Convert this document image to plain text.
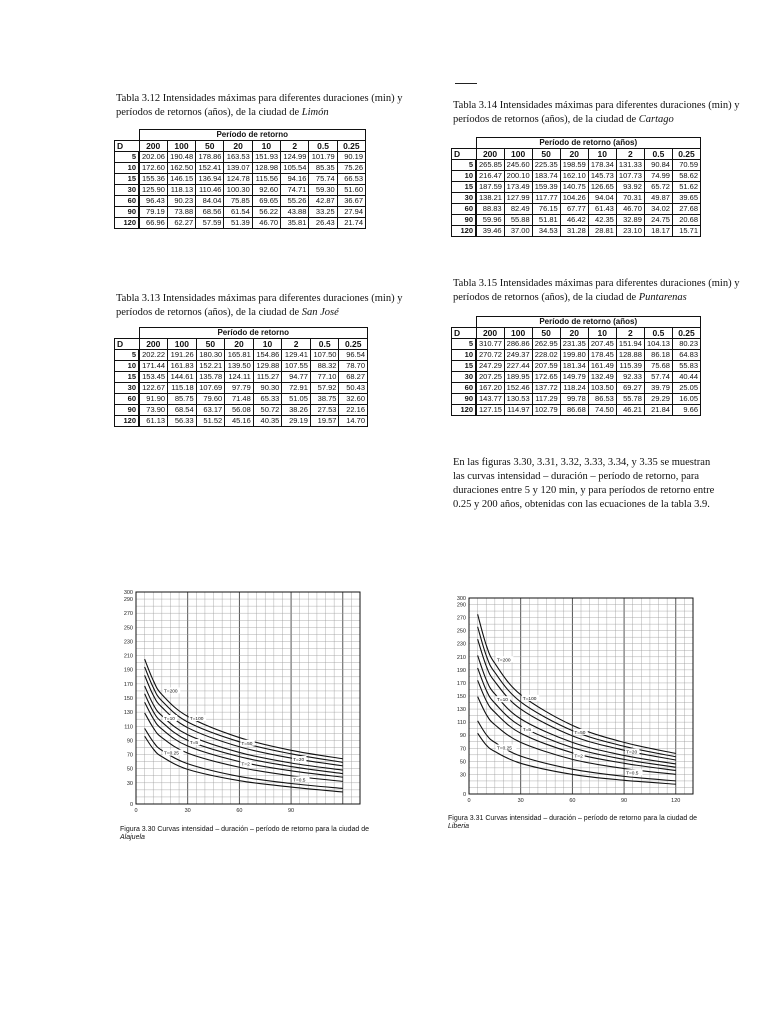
Tabla 3.12 Intensidades máximas para diferentes duraciones (min) y períodos de retornos (años), de la ciudad de Limón
	Período de retorno							
D	200	100	50	20	10	2	0.5	0.25
5	202.06	190.48	178.86	163.53	151.93	124.99	101.79	90.19
10	172.60	162.50	152.41	139.07	128.98	105.54	85.35	75.26
15	155.36	146.15	136.94	124.78	115.56	94.16	75.74	66.53
30	125.90	118.13	110.46	100.30	92.60	74.71	59.30	51.60
60	96.43	90.23	84.04	75.85	69.65	55.26	42.87	36.67
90	79.19	73.88	68.56	61.54	56.22	43.88	33.25	27.94
120	66.96	62.27	57.59	51.39	46.70	35.81	26.43	21.74
Tabla 3.13 Intensidades máximas para diferentes duraciones (min) y períodos de retornos (años), de la ciudad de San José
	Período de retorno							
D	200	100	50	20	10	2	0.5	0.25
5	202.22	191.26	180.30	165.81	154.86	129.41	107.50	96.54
10	171.44	161.83	152.21	139.50	129.88	107.55	88.32	78.70
15	153.45	144.61	135.78	124.11	115.27	94.77	77.10	68.27
30	122.67	115.18	107.69	97.79	90.30	72.91	57.92	50.43
60	91.90	85.75	79.60	71.48	65.33	51.05	38.75	32.60
90	73.90	68.54	63.17	56.08	50.72	38.26	27.53	22.16
120	61.13	56.33	51.52	45.16	40.35	29.19	19.57	14.70
Tabla 3.14 Intensidades máximas para diferentes duraciones (min) y períodos de retornos (años), de la ciudad de Cartago
	Período de retorno (años)							
D	200	100	50	20	10	2	0.5	0.25
5	265.85	245.60	225.35	198.59	178.34	131.33	90.84	70.59
10	216.47	200.10	183.74	162.10	145.73	107.73	74.99	58.62
15	187.59	173.49	159.39	140.75	126.65	93.92	65.72	51.62
30	138.21	127.99	117.77	104.26	94.04	70.31	49.87	39.65
60	88.83	82.49	76.15	67.77	61.43	46.70	34.02	27.68
90	59.96	55.88	51.81	46.42	42.35	32.89	24.75	20.68
120	39.46	37.00	34.53	31.28	28.81	23.10	18.17	15.71
Tabla 3.15 Intensidades máximas para diferentes duraciones (min) y períodos de retornos (años), de la ciudad de Puntarenas
	Período de retorno (años)							
D	200	100	50	20	10	2	0.5	0.25
5	310.77	286.86	262.95	231.35	207.45	151.94	104.13	80.23
10	270.72	249.37	228.02	199.80	178.45	128.88	86.18	64.83
15	247.29	227.44	207.59	181.34	161.49	115.39	75.68	55.83
30	207.25	189.95	172.65	149.79	132.49	92.33	57.74	40.44
60	167.20	152.46	137.72	118.24	103.50	69.27	39.79	25.05
90	143.77	130.53	117.29	99.78	86.53	55.78	29.29	16.05
120	127.15	114.97	102.79	86.68	74.50	46.21	21.84	9.66
En las figuras 3.30, 3.31, 3.32, 3.33, 3.34, y 3.35 se muestran las curvas intensidad – duración – período de retorno, para duraciones entre 5 y 120 min, y para períodos de retorno entre 0.25 y 200 años, obtenidas con las ecuaciones de la tabla 3.9.
0
30
50
70
90
110
130
150
170
190
210
230
250
270
290
300
0	30	60	90
T=200
T=100
T=50
T=20
T=10
T=5
T=2
T=0.5
T=0.25
Figura 3.30 Curvas intensidad – duración – período de retorno para la ciudad de Alajuela
0
30
50
70
90
110
130
150
170
190
210
230
250
270
290
300
0	30	60	90	120
T=200
T=100
T=50
T=20
T=10
T=5
T=2
T=0.5
T=0.25
Figura 3.31 Curvas intensidad – duración – período de retorno para la ciudad de Liberia
